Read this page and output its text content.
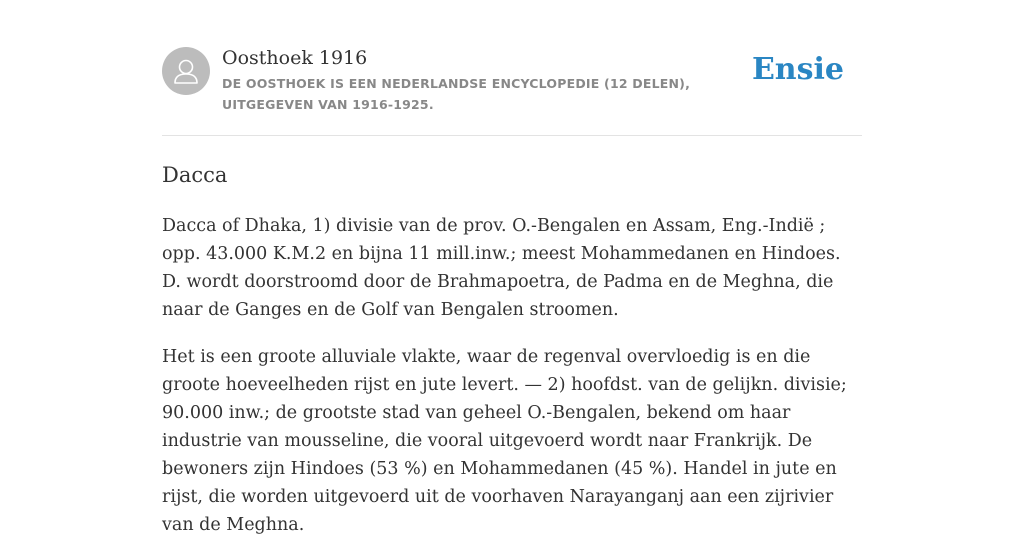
Oosthoek 1916
DE OOSTHOEK IS EEN NEDERLANDSE ENCYCLOPEDIE (12 DELEN), UITGEGEVEN VAN 1916-1925.
Ensie
Dacca

Dacca of Dhaka, 1) divisie van de prov. O.-Bengalen en Assam, Eng.-Indië ; opp. 43.000 K.M.2 en bijna 11 mill.inw.; meest Mohammedanen en Hindoes. D. wordt doorstroomd door de Brahmapoetra, de Padma en de Meghna, die naar de Ganges en de Golf van Bengalen stroomen.

Het is een groote alluviale vlakte, waar de regenval overvloedig is en die groote hoeveelheden rijst en jute levert. — 2) hoofdst. van de gelijkn. divisie; 90.000 inw.; de grootste stad van geheel O.-Bengalen, bekend om haar industrie van mousseline, die vooral uitgevoerd wordt naar Frankrijk. De bewoners zijn Hindoes (53 %) en Mohammedanen (45 %). Handel in jute en rijst, die worden uitgevoerd uit de voorhaven Narayanganj aan een zijrivier van de Meghna.
